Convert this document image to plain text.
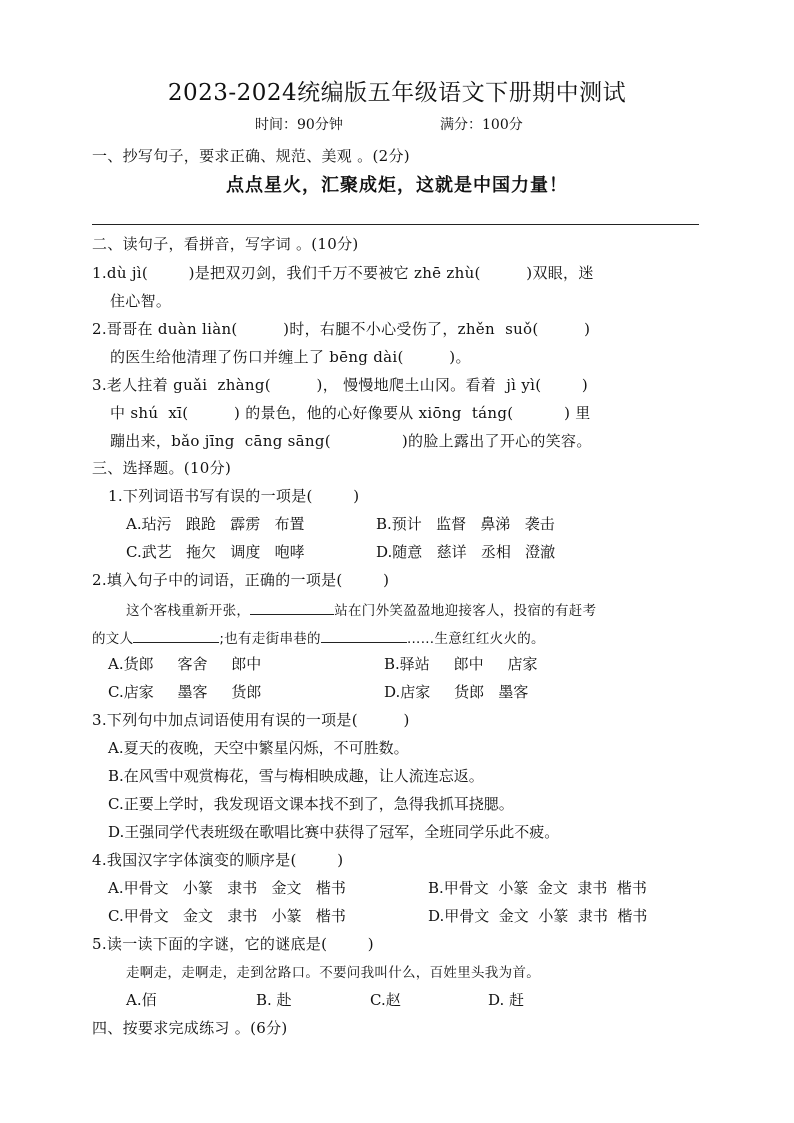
2023-2024统编版五年级语文下册期中测试
时间：90分钟	满分：100分
一、抄写句子，要求正确、规范、美观 。(2分)
点点星火，汇聚成炬，这就是中国力量！
二、读句子，看拼音，写字词 。(10分)
1.dù jì(        )是把双刃剑，我们千万不要被它 zhē zhù(         )双眼，迷
住心智。
2.哥哥在 duàn liàn(         )时，右腿不小心受伤了，zhěn  suǒ(         )
的医生给他清理了伤口并缠上了 bēng dài(         )。
3.老人拄着 guǎi  zhàng(         )， 慢慢地爬土山冈。看着  jì yì(        )
中 shú  xī(         ) 的景色，他的心好像要从 xiōng  táng(          ) 里
蹦出来，bǎo jīng  cāng sāng(              )的脸上露出了开心的笑容。
三、选择题。(10分)
1.下列词语书写有误的一项是(        )
A.玷污   踉跄   霹雳   布置	B.预计   监督   鼻涕   袭击
C.武艺   拖欠   调度   咆哮	D.随意   慈详   丞相   澄澈
2.填入句子中的词语，正确的一项是(        )
这个客栈重新开张，	站在门外笑盈盈地迎接客人，投宿的有赶考
的文人	;也有走街串巷的	……生意红红火火的。
A.货郎     客舍     郎中	B.驿站     郎中     店家
C.店家     墨客     货郎	D.店家     货郎   墨客
3.下列句中加点词语使用有误的一项是(         )
A.夏天的夜晚，天空中繁星闪烁，不可胜数。
B.在风雪中观赏梅花，雪与梅相映成趣，让人流连忘返。
C.正要上学时，我发现语文课本找不到了，急得我抓耳挠腮。
D.王强同学代表班级在歌唱比赛中获得了冠军，全班同学乐此不疲。
4.我国汉字字体演变的顺序是(        )
A.甲骨文   小篆   隶书   金文   楷书	B.甲骨文  小篆  金文  隶书  楷书
C.甲骨文   金文   隶书   小篆   楷书	D.甲骨文  金文  小篆  隶书  楷书
5.读一读下面的字谜，它的谜底是(        )
走啊走，走啊走，走到岔路口。不要问我叫什么，百姓里头我为首。
A.佰	B. 赴	C.赵	D. 赶
四、按要求完成练习 。(6分)
